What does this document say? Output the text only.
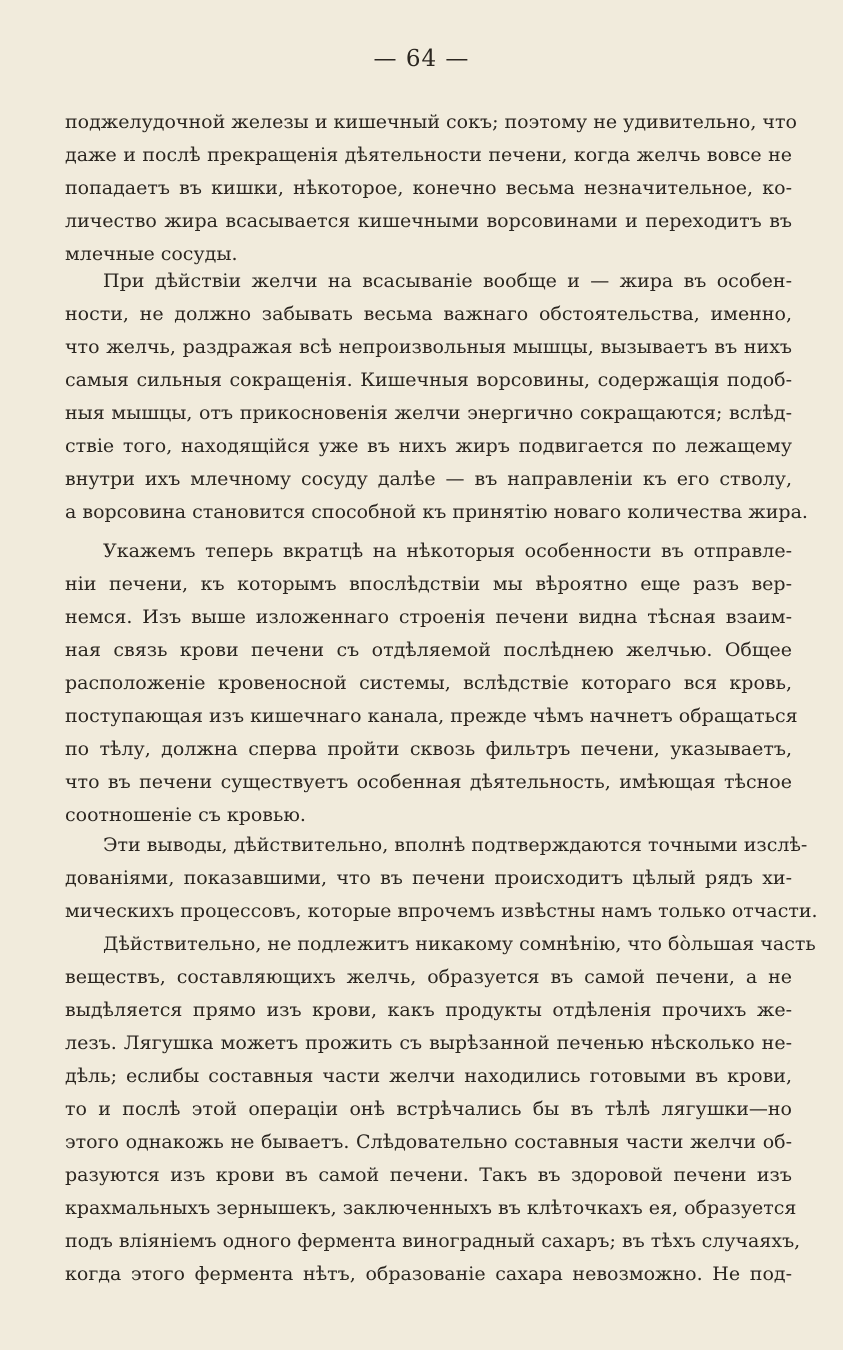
— 64 —
поджелудочной железы и кишечный сокъ; поэтому не удивительно, что
даже и послѣ прекращенія дѣятельности печени, когда желчь вовсе не
попадаетъ въ кишки, нѣкоторое, конечно весьма незначительное, ко-
личество жира всасывается кишечными ворсовинами и переходитъ въ
млечные сосуды.
При дѣйствіи желчи на всасываніе вообще и — жира въ особен-
ности, не должно забывать весьма важнаго обстоятельства, именно,
что желчь, раздражая всѣ непроизвольныя мышцы, вызываетъ въ нихъ
самыя сильныя сокращенія. Кишечныя ворсовины, содержащія подоб-
ныя мышцы, отъ прикосновенія желчи энергично сокращаются; вслѣд-
ствіе того, находящійся уже въ нихъ жиръ подвигается по лежащему
внутри ихъ млечному сосуду далѣе — въ направленіи къ его стволу,
а ворсовина становится способной къ принятію новаго количества жира.
Укажемъ теперь вкратцѣ на нѣкоторыя особенности въ отправле-
ніи печени, къ которымъ впослѣдствіи мы вѣроятно еще разъ вер-
немся. Изъ выше изложеннаго строенія печени видна тѣсная взаим-
ная связь крови печени съ отдѣляемой послѣднею желчью. Общее
расположеніе кровеносной системы, вслѣдствіе котораго вся кровь,
поступающая изъ кишечнаго канала, прежде чѣмъ начнетъ обращаться
по тѣлу, должна сперва пройти сквозь фильтръ печени, указываетъ,
что въ печени существуетъ особенная дѣятельность, имѣющая тѣсное
соотношеніе съ кровью.
Эти выводы, дѣйствительно, вполнѣ подтверждаются точными изслѣ-
дованіями, показавшими, что въ печени происходитъ цѣлый рядъ хи-
мическихъ процессовъ, которые впрочемъ извѣстны намъ только отчасти.
Дѣйствительно, не подлежитъ никакому сомнѣнію, что бо̀льшая часть
веществъ, составляющихъ желчь, образуется въ самой печени, а не
выдѣляется прямо изъ крови, какъ продукты отдѣленія прочихъ же-
лезъ. Лягушка можетъ прожить съ вырѣзанной печенью нѣсколько не-
дѣль; еслибы составныя части желчи находились готовыми въ крови,
то и послѣ этой операціи онѣ встрѣчались бы въ тѣлѣ лягушки—но
этого однакожь не бываетъ. Слѣдовательно составныя части желчи об-
разуются изъ крови въ самой печени. Такъ въ здоровой печени изъ
крахмальныхъ зернышекъ, заключенныхъ въ клѣточкахъ ея, образуется
подъ вліяніемъ одного фермента виноградный сахаръ; въ тѣхъ случаяхъ,
когда этого фермента нѣтъ, образованіе сахара невозможно. Не под-
